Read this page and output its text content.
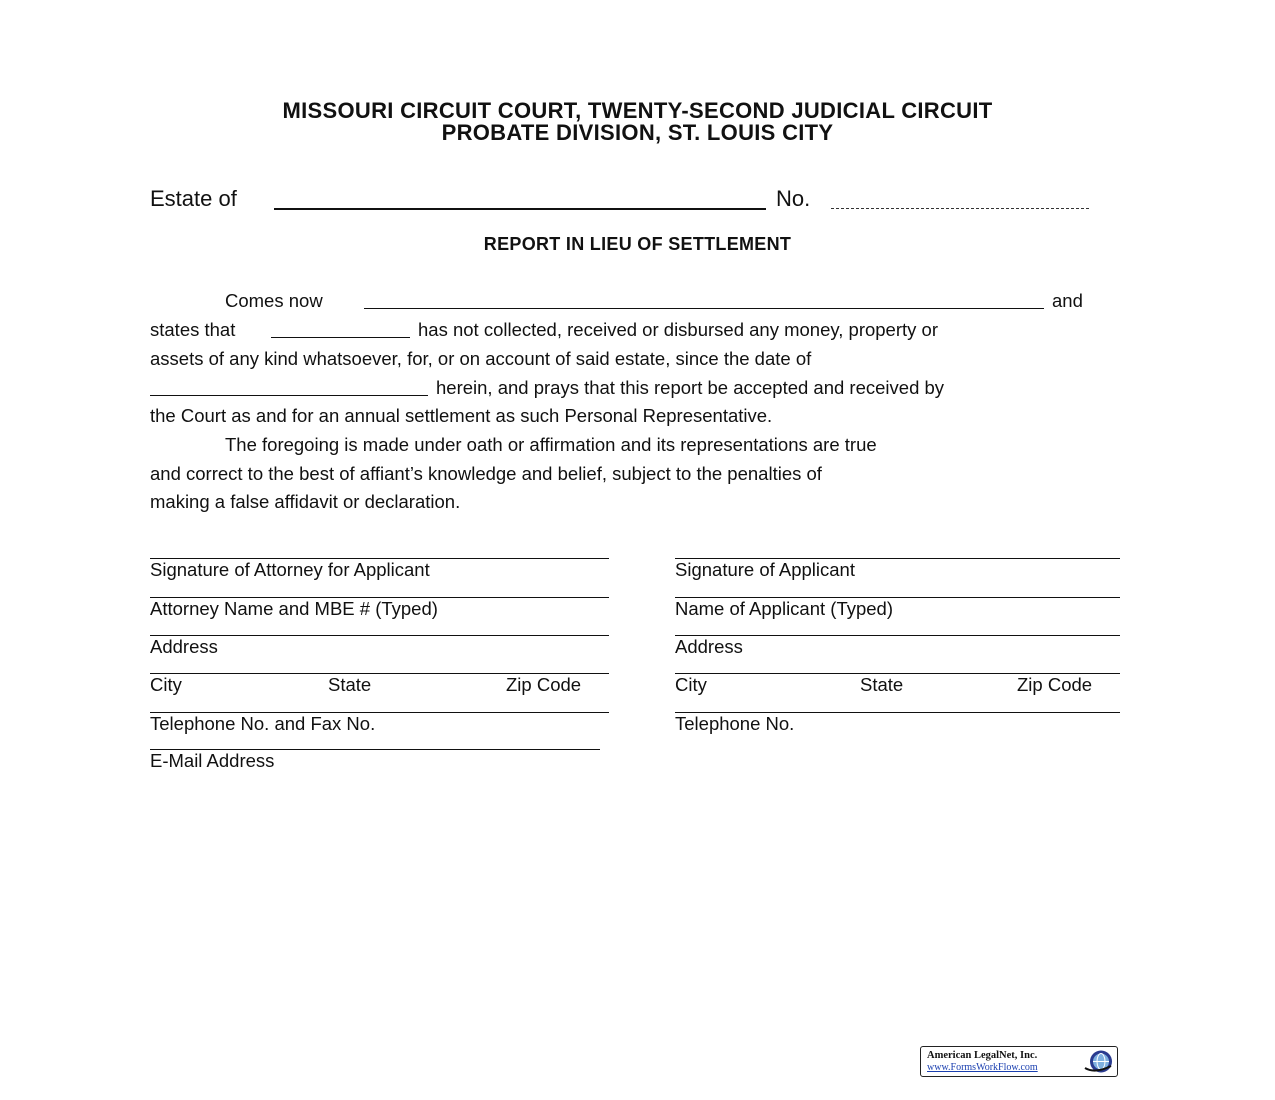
MISSOURI CIRCUIT COURT, TWENTY-SECOND JUDICIAL CIRCUIT
PROBATE DIVISION, ST. LOUIS CITY
Estate of	No.
REPORT IN LIEU OF SETTLEMENT
Comes now	and
states that	has not collected, received or disbursed any money, property or
assets of any kind whatsoever, for, or on account of said estate, since the date of
herein, and prays that this report be accepted and received by
the Court as and for an annual settlement as such Personal Representative.
The foregoing is made under oath or affirmation and its representations are true
and correct to the best of affiant’s knowledge and belief, subject to the penalties of
making a false affidavit or declaration.
Signature of Attorney for Applicant
Attorney Name and MBE # (Typed)
Address
City	State	Zip Code
Telephone No. and Fax No.
E-Mail Address
Signature of Applicant
Name of Applicant (Typed)
Address
City	State	Zip Code
Telephone No.
American LegalNet, Inc.
www.FormsWorkFlow.com
